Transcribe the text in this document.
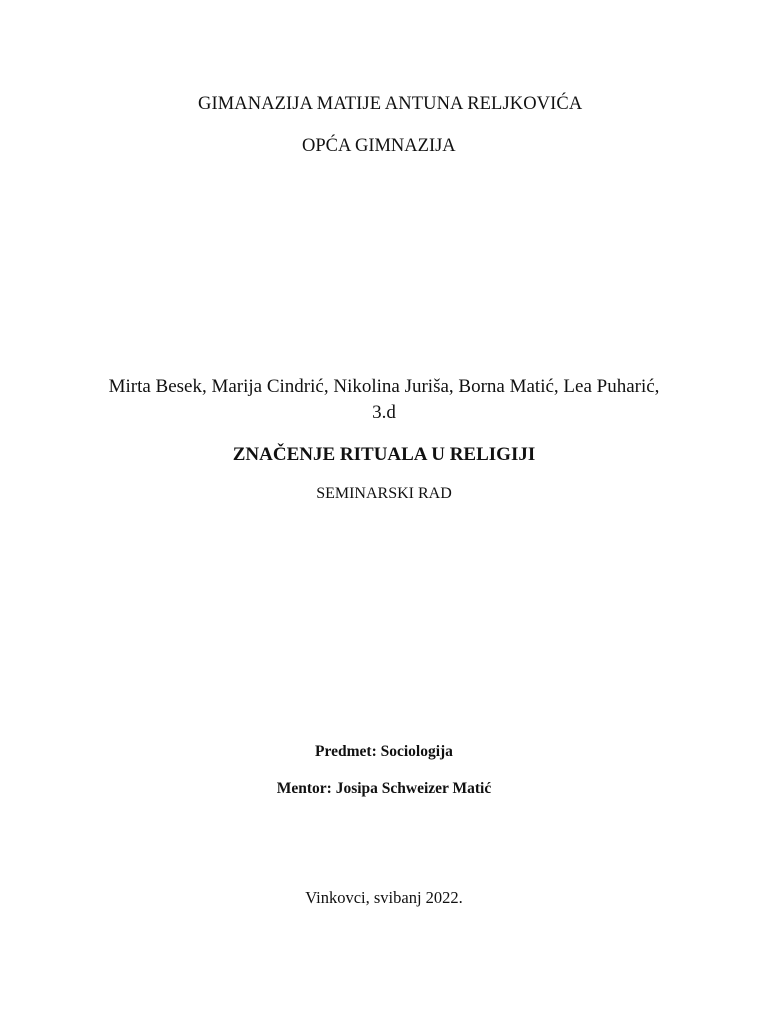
GIMANAZIJA MATIJE ANTUNA RELJKOVIĆA
OPĆA GIMNAZIJA
Mirta Besek, Marija Cindrić, Nikolina Juriša, Borna Matić, Lea Puharić,
3.d
ZNAČENJE RITUALA U RELIGIJI
SEMINARSKI RAD
Predmet: Sociologija
Mentor: Josipa Schweizer Matić
Vinkovci, svibanj 2022.
